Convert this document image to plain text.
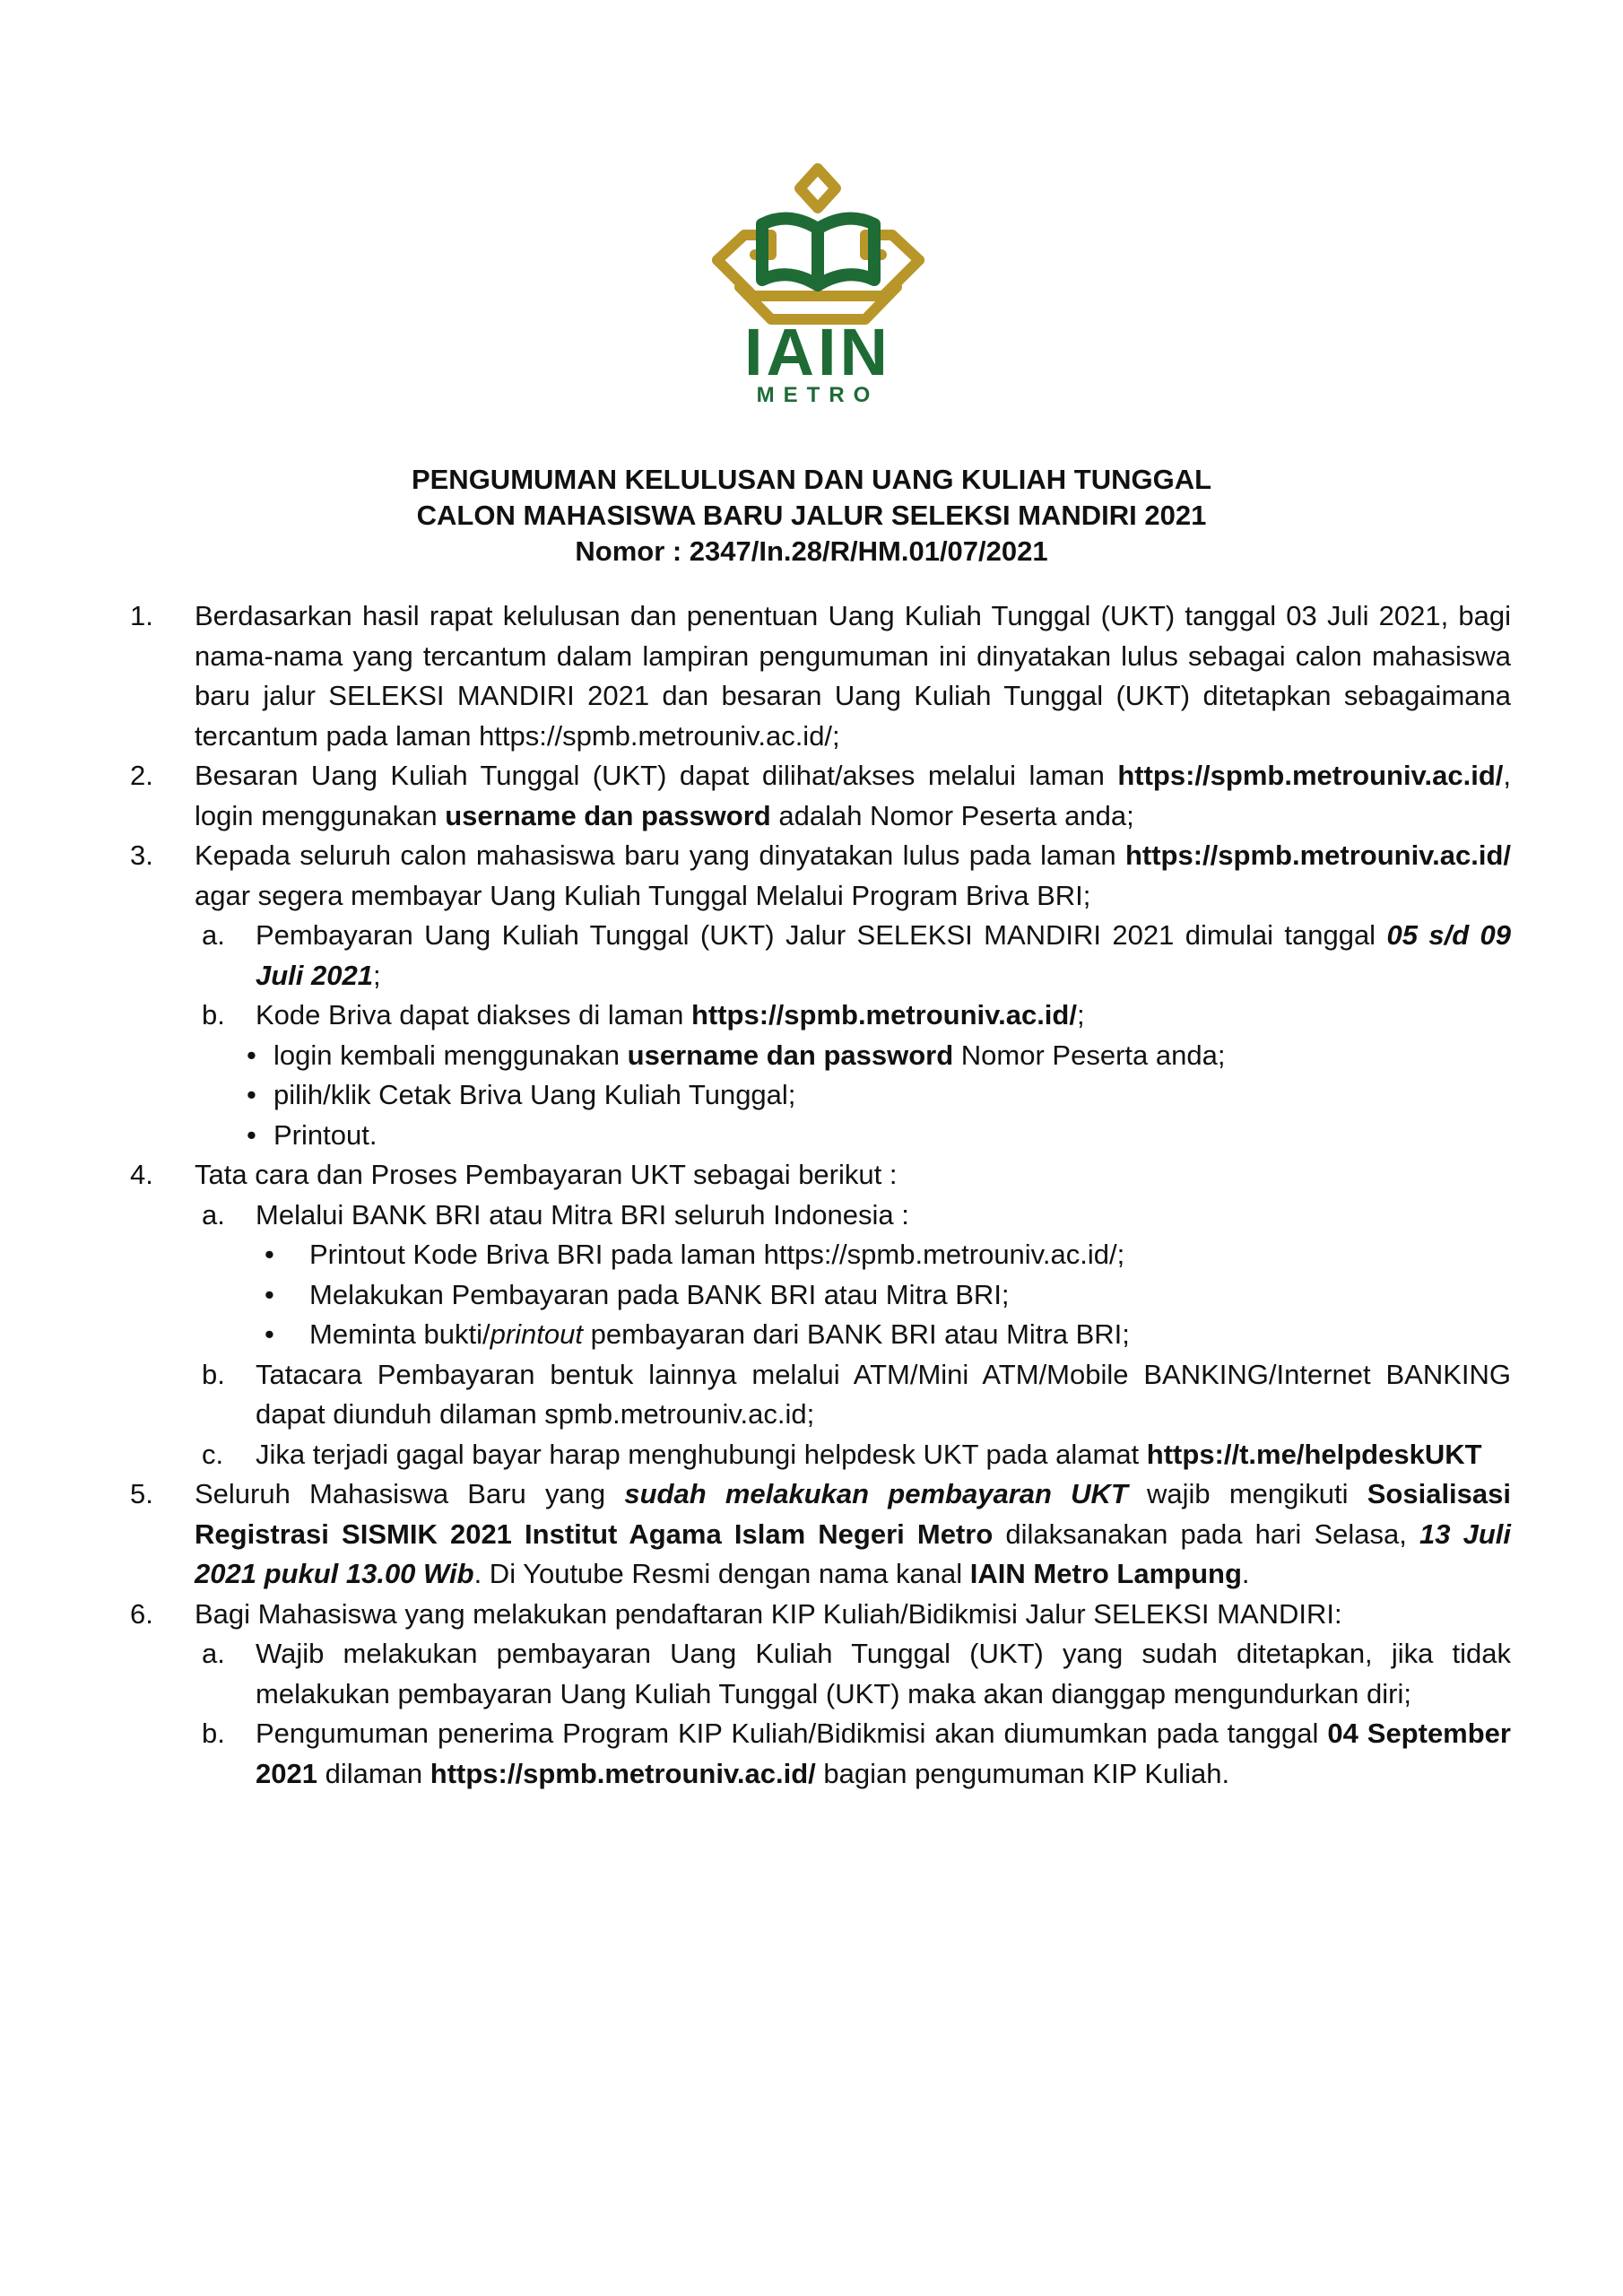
IAIN
METRO
PENGUMUMAN KELULUSAN DAN UANG KULIAH TUNGGAL
CALON MAHASISWA BARU JALUR SELEKSI MANDIRI 2021
Nomor : 2347/In.28/R/HM.01/07/2021
1. Berdasarkan hasil rapat kelulusan dan penentuan Uang Kuliah Tunggal (UKT) tanggal 03 Juli 2021, bagi nama-nama yang tercantum dalam lampiran pengumuman ini dinyatakan lulus sebagai calon mahasiswa baru jalur SELEKSI MANDIRI 2021 dan besaran Uang Kuliah Tunggal (UKT) ditetapkan sebagaimana tercantum pada laman https://spmb.metrouniv.ac.id/;
2. Besaran Uang Kuliah Tunggal (UKT) dapat dilihat/akses melalui laman https://spmb.metrouniv.ac.id/, login menggunakan username dan password adalah Nomor Peserta anda;
3. Kepada seluruh calon mahasiswa baru yang dinyatakan lulus pada laman https://spmb.metrouniv.ac.id/ agar segera membayar Uang Kuliah Tunggal Melalui Program Briva BRI;
a. Pembayaran Uang Kuliah Tunggal (UKT) Jalur SELEKSI MANDIRI 2021 dimulai tanggal 05 s/d 09 Juli 2021;
b. Kode Briva dapat diakses di laman https://spmb.metrouniv.ac.id/;
• login kembali menggunakan username dan password Nomor Peserta anda;
• pilih/klik Cetak Briva Uang Kuliah Tunggal;
• Printout.
4. Tata cara dan Proses Pembayaran UKT sebagai berikut :
a. Melalui BANK BRI atau Mitra BRI seluruh Indonesia :
• Printout Kode Briva BRI pada laman https://spmb.metrouniv.ac.id/;
• Melakukan Pembayaran pada BANK BRI atau Mitra BRI;
• Meminta bukti/printout pembayaran dari BANK BRI atau Mitra BRI;
b. Tatacara Pembayaran bentuk lainnya melalui ATM/Mini ATM/Mobile BANKING/Internet BANKING dapat diunduh dilaman spmb.metrouniv.ac.id;
c. Jika terjadi gagal bayar harap menghubungi helpdesk UKT pada alamat https://t.me/helpdeskUKT
5. Seluruh Mahasiswa Baru yang sudah melakukan pembayaran UKT wajib mengikuti Sosialisasi Registrasi SISMIK 2021 Institut Agama Islam Negeri Metro dilaksanakan pada hari Selasa, 13 Juli 2021 pukul 13.00 Wib. Di Youtube Resmi dengan nama kanal IAIN Metro Lampung.
6. Bagi Mahasiswa yang melakukan pendaftaran KIP Kuliah/Bidikmisi Jalur SELEKSI MANDIRI:
a. Wajib melakukan pembayaran Uang Kuliah Tunggal (UKT) yang sudah ditetapkan, jika tidak melakukan pembayaran Uang Kuliah Tunggal (UKT) maka akan dianggap mengundurkan diri;
b. Pengumuman penerima Program KIP Kuliah/Bidikmisi akan diumumkan pada tanggal 04 September 2021 dilaman https://spmb.metrouniv.ac.id/ bagian pengumuman KIP Kuliah.
